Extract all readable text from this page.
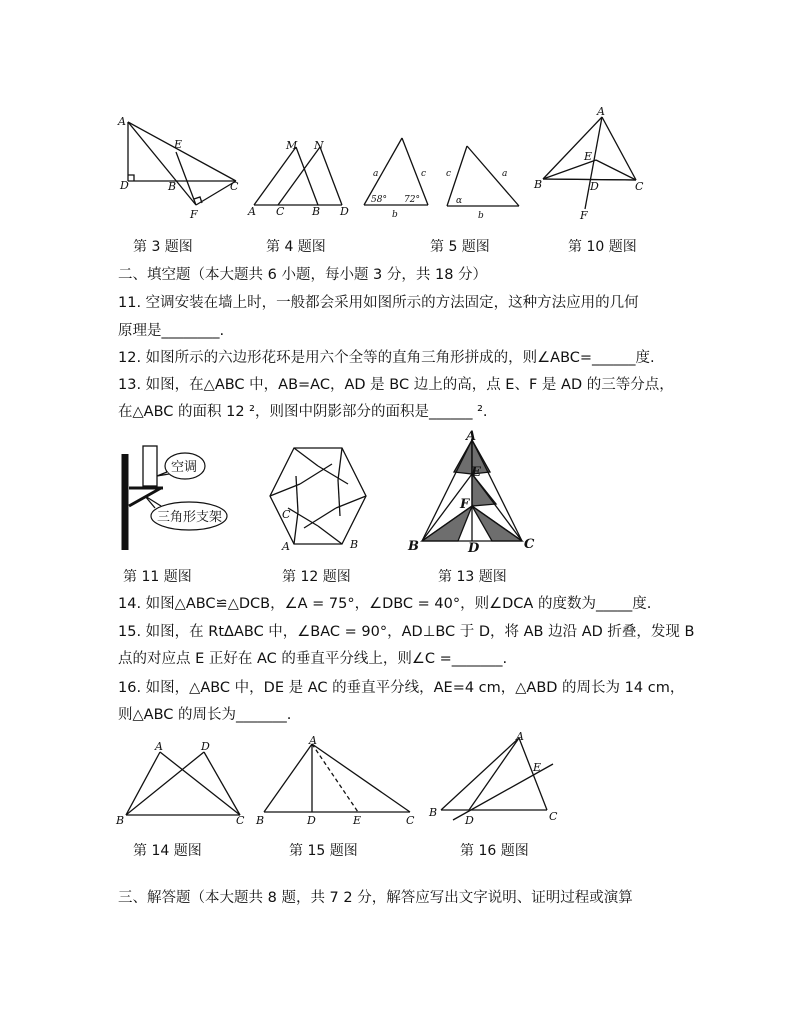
A
E
D	B	C
F
M N
A C	B D
a	c
58° 72°
b
c	a
α
b
A
E
B	D	C
F
第 3 题图	第 4 题图	第 5 题图	第 10 题图
二、填空题（本大题共 6 小题，每小题 3 分，共 18 分）
11. 空调安装在墙上时，一般都会采用如图所示的方法固定，这种方法应用的几何
原理是________.
12. 如图所示的六边形花环是用六个全等的直角三角形拼成的，则∠ABC=______度.
13. 如图，在△ABC 中，AB=AC，AD 是 BC 边上的高，点 E、F 是 AD 的三等分点，
在△ABC 的面积 12 ²，则图中阴影部分的面积是______ ².
空调
三角形支架	C
A	B
A
E
F
B	D	C
第 11 题图	第 12 题图	第 13 题图
14. 如图△ABC≌△DCB，∠A = 75°，∠DBC = 40°，则∠DCA 的度数为_____度.
15. 如图，在 RtΔABC 中，∠BAC = 90°，AD⊥BC 于 D，将 AB 边沿 AD 折叠，发现 B
点的对应点 E 正好在 AC 的垂直平分线上，则∠C =_______.
16. 如图，△ABC 中，DE 是 AC 的垂直平分线，AE=4 cm，△ABD 的周长为 14 cm，
则△ABC 的周长为_______.
A	D
B	C
A
B	D	E	C
A
E
B
D	C
第 14 题图	第 15 题图	第 16 题图
三、解答题（本大题共 8 题，共 7 2 分，解答应写出文字说明、证明过程或演算
